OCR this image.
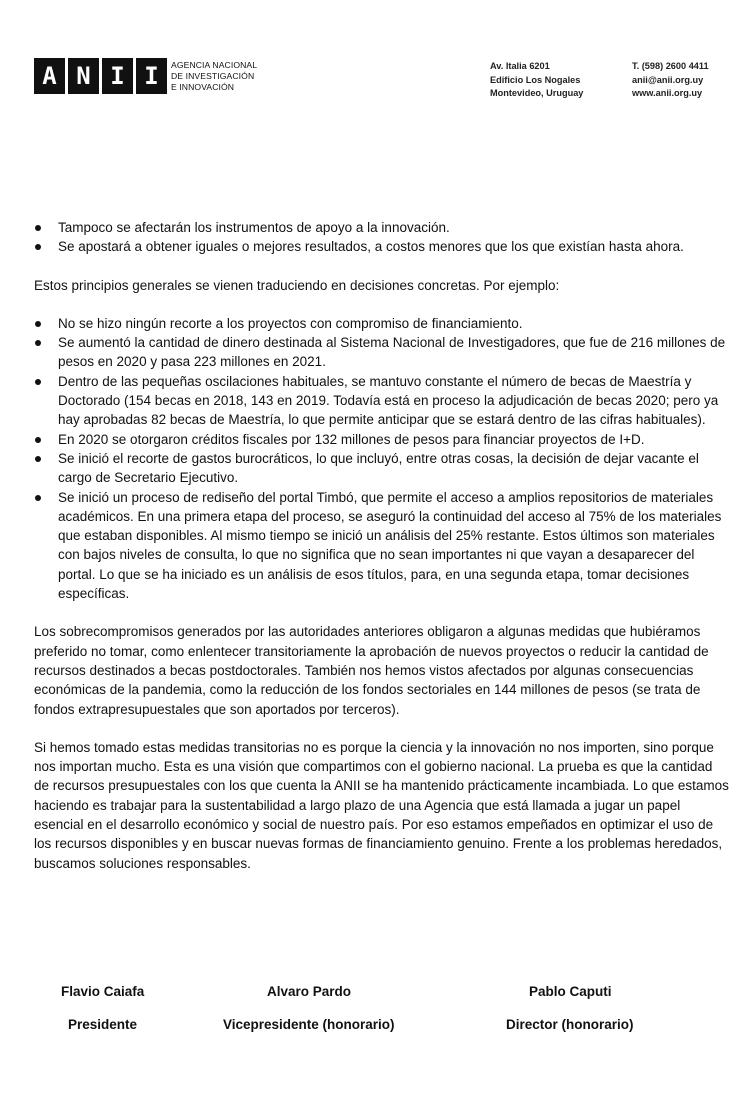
A N I I	AGENCIA NACIONAL
DE INVESTIGACIÓN
E INNOVACIÓN
Av. Italia 6201
Edificio Los Nogales
Montevideo, Uruguay
T. (598) 2600 4411
anii@anii.org.uy
www.anii.org.uy
Tampoco se afectarán los instrumentos de apoyo a la innovación.
Se apostará a obtener iguales o mejores resultados, a costos menores que los que existían hasta ahora.

Estos principios generales se vienen traduciendo en decisiones concretas. Por ejemplo:

No se hizo ningún recorte a los proyectos con compromiso de financiamiento.
Se aumentó la cantidad de dinero destinada al Sistema Nacional de Investigadores, que fue de 216 millones de pesos en 2020 y pasa 223 millones en 2021.
Dentro de las pequeñas oscilaciones habituales, se mantuvo constante el número de becas de Maestría y Doctorado (154 becas en 2018, 143 en 2019. Todavía está en proceso la adjudicación de becas 2020; pero ya hay aprobadas 82 becas de Maestría, lo que permite anticipar que se estará dentro de las cifras habituales).
En 2020 se otorgaron créditos fiscales por 132 millones de pesos para financiar proyectos de I+D.
Se inició el recorte de gastos burocráticos, lo que incluyó, entre otras cosas, la decisión de dejar vacante el cargo de Secretario Ejecutivo.
Se inició un proceso de rediseño del portal Timbó, que permite el acceso a amplios repositorios de materiales académicos. En una primera etapa del proceso, se aseguró la continuidad del acceso al 75% de los materiales que estaban disponibles. Al mismo tiempo se inició un análisis del 25% restante. Estos últimos son materiales con bajos niveles de consulta, lo que no significa que no sean importantes ni que vayan a desaparecer del portal. Lo que se ha iniciado es un análisis de esos títulos, para, en una segunda etapa, tomar decisiones específicas.

Los sobrecompromisos generados por las autoridades anteriores obligaron a algunas medidas que hubiéramos preferido no tomar, como enlentecer transitoriamente la aprobación de nuevos proyectos o reducir la cantidad de recursos destinados a becas postdoctorales. También nos hemos vistos afectados por algunas consecuencias económicas de la pandemia, como la reducción de los fondos sectoriales en 144 millones de pesos (se trata de fondos extrapresupuestales que son aportados por terceros).

Si hemos tomado estas medidas transitorias no es porque la ciencia y la innovación no nos importen, sino porque nos importan mucho. Esta es una visión que compartimos con el gobierno nacional. La prueba es que la cantidad de recursos presupuestales con los que cuenta la ANII se ha mantenido prácticamente incambiada. Lo que estamos haciendo es trabajar para la sustentabilidad a largo plazo de una Agencia que está llamada a jugar un papel esencial en el desarrollo económico y social de nuestro país. Por eso estamos empeñados en optimizar el uso de los recursos disponibles y en buscar nuevas formas de financiamiento genuino. Frente a los problemas heredados, buscamos soluciones responsables.

Flavio Caiafa	Alvaro Pardo	Pablo Caputi
Presidente	Vicepresidente (honorario)	Director (honorario)
